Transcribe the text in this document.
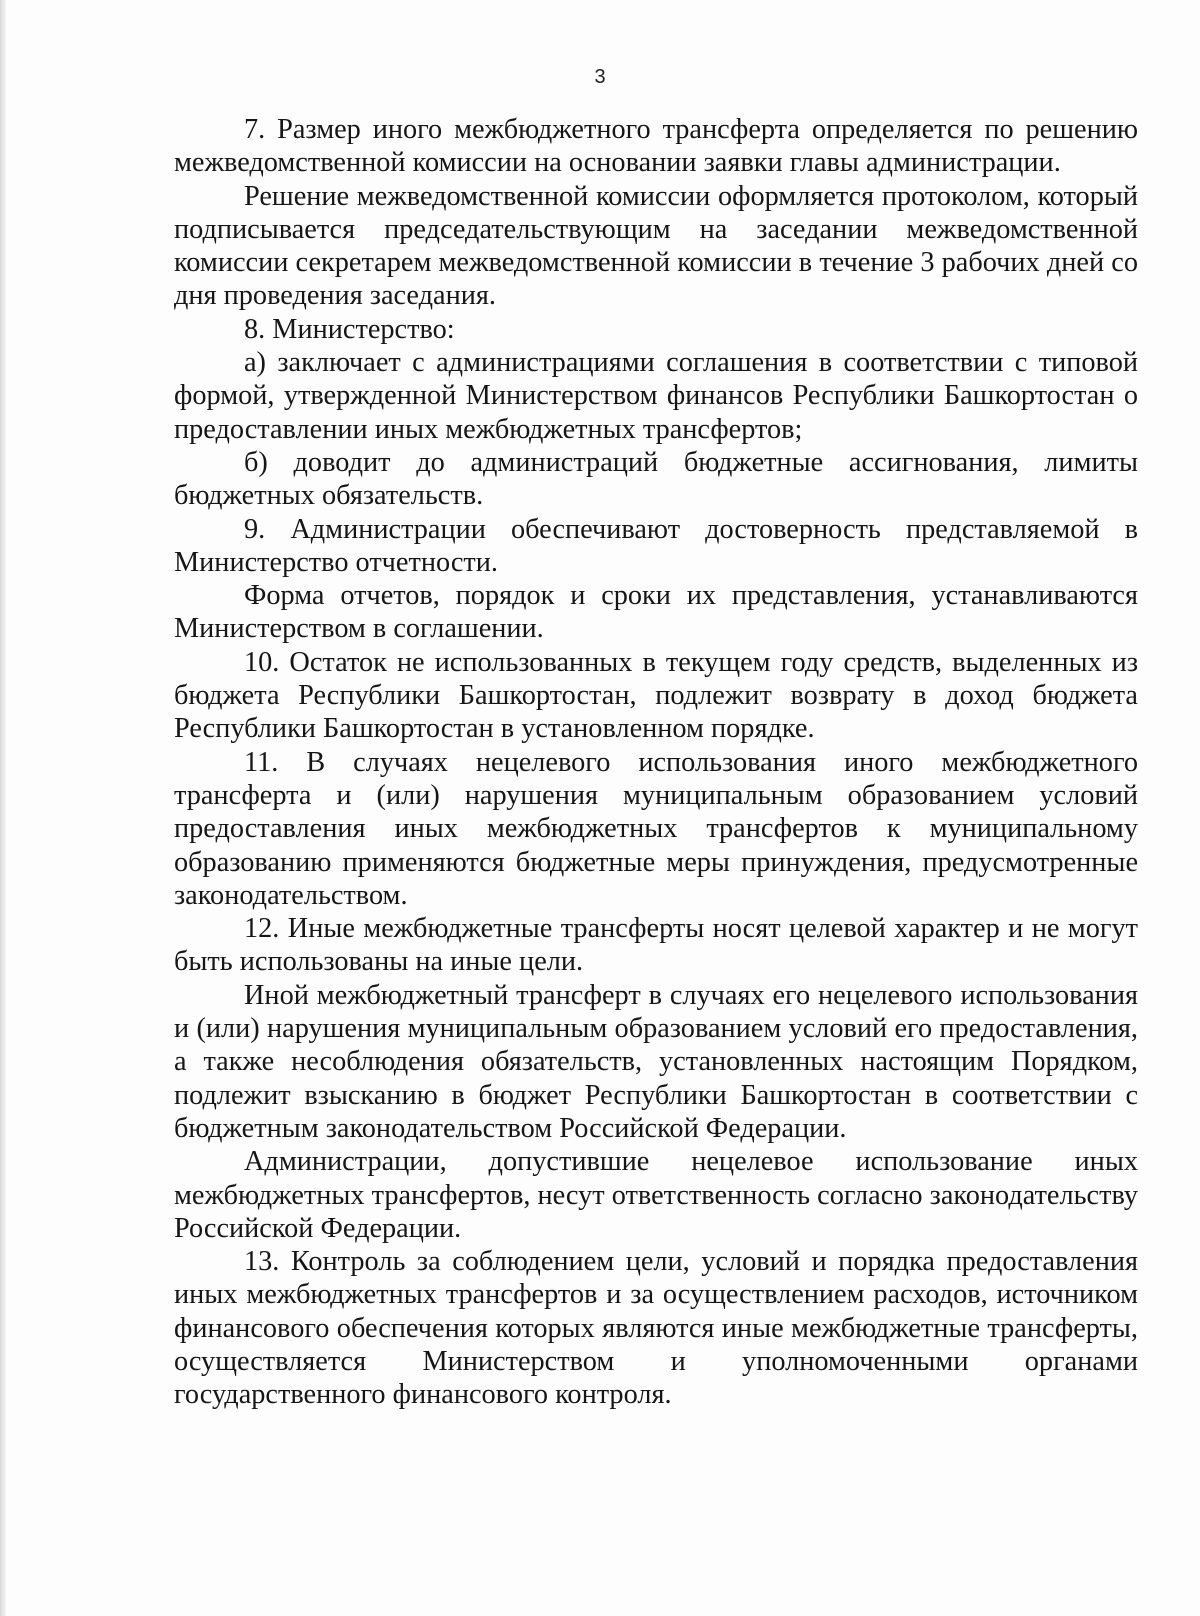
3

7. Размер иного межбюджетного трансферта определяется по решению межведомственной комиссии на основании заявки главы администрации.

Решение межведомственной комиссии оформляется протоколом, который подписывается председательствующим на заседании межведомственной комиссии секретарем межведомственной комиссии в течение 3 рабочих дней со дня проведения заседания.

8. Министерство:

а) заключает с администрациями соглашения в соответствии с типовой формой, утвержденной Министерством финансов Республики Башкортостан о предоставлении иных межбюджетных трансфертов;

б) доводит до администраций бюджетные ассигнования, лимиты бюджетных обязательств.

9. Администрации обеспечивают достоверность представляемой в Министерство отчетности.

Форма отчетов, порядок и сроки их представления, устанавливаются Министерством в соглашении.

10. Остаток не использованных в текущем году средств, выделенных из бюджета Республики Башкортостан, подлежит возврату в доход бюджета Республики Башкортостан в установленном порядке.

11. В случаях нецелевого использования иного межбюджетного трансферта и (или) нарушения муниципальным образованием условий предоставления иных межбюджетных трансфертов к муниципальному образованию применяются бюджетные меры принуждения, предусмотренные законодательством.

12. Иные межбюджетные трансферты носят целевой характер и не могут быть использованы на иные цели.

Иной межбюджетный трансферт в случаях его нецелевого использования и (или) нарушения муниципальным образованием условий его предоставления, а также несоблюдения обязательств, установленных настоящим Порядком, подлежит взысканию в бюджет Республики Башкортостан в соответствии с бюджетным законодательством Российской Федерации.

Администрации, допустившие нецелевое использование иных межбюджетных трансфертов, несут ответственность согласно законодательству Российской Федерации.

13. Контроль за соблюдением цели, условий и порядка предоставления иных межбюджетных трансфертов и за осуществлением расходов, источником финансового обеспечения которых являются иные межбюджетные трансферты, осуществляется Министерством и уполномоченными органами государственного финансового контроля.
